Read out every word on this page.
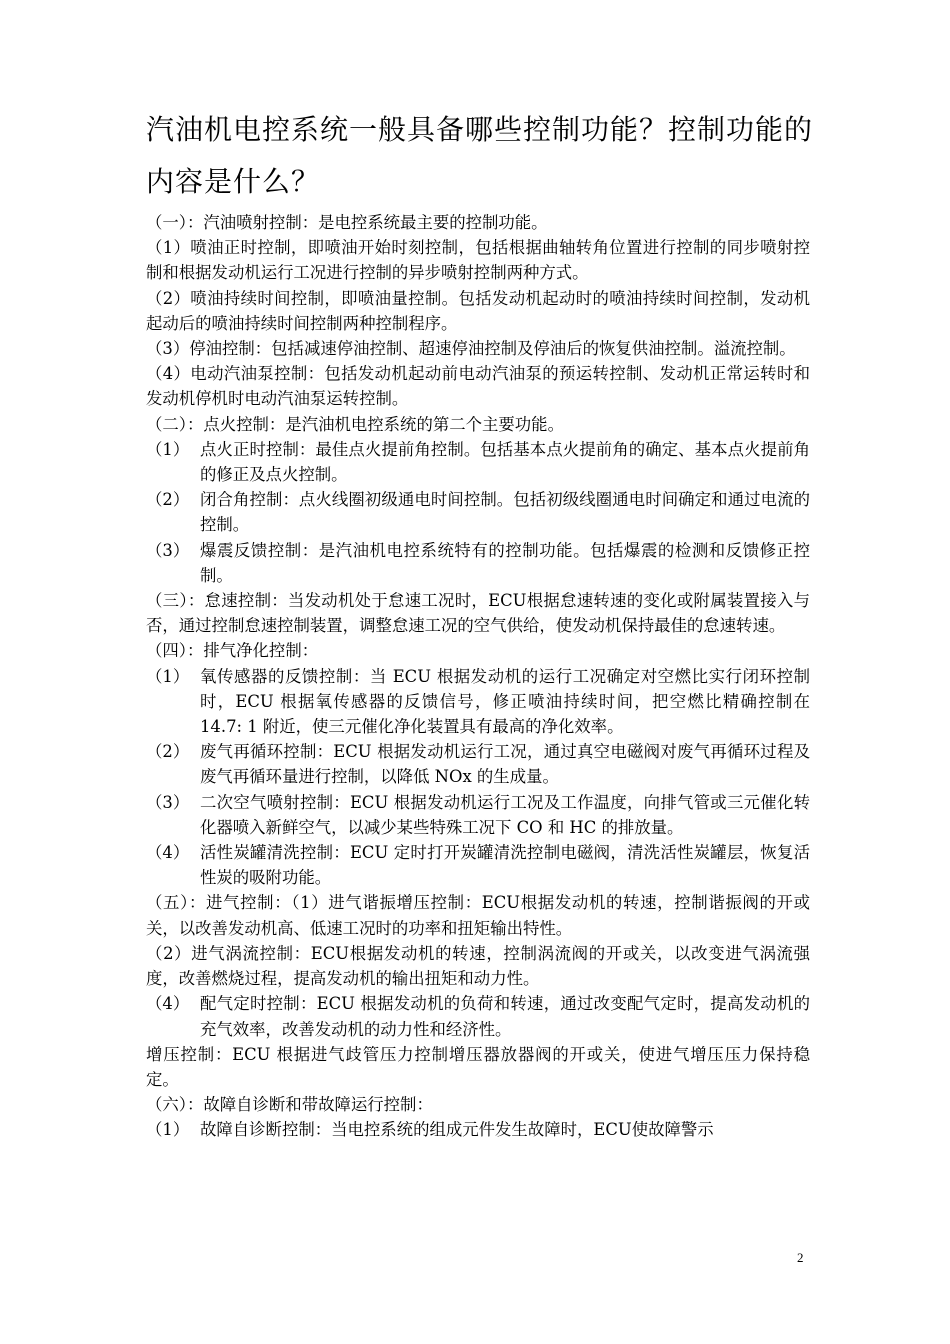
汽油机电控系统一般具备哪些控制功能？控制功能的内容是什么？

（一）：汽油喷射控制：是电控系统最主要的控制功能。

（1）喷油正时控制，即喷油开始时刻控制，包括根据曲轴转角位置进行控制的同步喷射控制和根据发动机运行工况进行控制的异步喷射控制两种方式。

（2）喷油持续时间控制，即喷油量控制。包括发动机起动时的喷油持续时间控制，发动机起动后的喷油持续时间控制两种控制程序。

（3）停油控制：包括减速停油控制、超速停油控制及停油后的恢复供油控制。溢流控制。

（4）电动汽油泵控制：包括发动机起动前电动汽油泵的预运转控制、发动机正常运转时和发动机停机时电动汽油泵运转控制。

（二）：点火控制：是汽油机电控系统的第二个主要功能。

（1） 点火正时控制：最佳点火提前角控制。包括基本点火提前角的确定、基本点火提前角的修正及点火控制。
（2） 闭合角控制：点火线圈初级通电时间控制。包括初级线圈通电时间确定和通过电流的控制。
（3） 爆震反馈控制：是汽油机电控系统特有的控制功能。包括爆震的检测和反馈修正控制。

（三）：怠速控制：当发动机处于怠速工况时，ECU根据怠速转速的变化或附属装置接入与否，通过控制怠速控制装置，调整怠速工况的空气供给，使发动机保持最佳的怠速转速。

（四）：排气净化控制：

（1） 氧传感器的反馈控制：当 ECU 根据发动机的运行工况确定对空燃比实行闭环控制时，ECU 根据氧传感器的反馈信号，修正喷油持续时间，把空燃比精确控制在 14.7: 1 附近，使三元催化净化装置具有最高的净化效率。
（2） 废气再循环控制：ECU 根据发动机运行工况，通过真空电磁阀对废气再循环过程及废气再循环量进行控制，以降低 NOx 的生成量。
（3） 二次空气喷射控制：ECU 根据发动机运行工况及工作温度，向排气管或三元催化转化器喷入新鲜空气，以减少某些特殊工况下 CO 和 HC 的排放量。
（4） 活性炭罐清洗控制：ECU 定时打开炭罐清洗控制电磁阀，清洗活性炭罐层，恢复活性炭的吸附功能。

（五）：进气控制：（1）进气谐振增压控制：ECU根据发动机的转速，控制谐振阀的开或关，以改善发动机高、低速工况时的功率和扭矩输出特性。

（2）进气涡流控制：ECU根据发动机的转速，控制涡流阀的开或关，以改变进气涡流强度，改善燃烧过程，提高发动机的输出扭矩和动力性。

（4） 配气定时控制：ECU 根据发动机的负荷和转速，通过改变配气定时，提高发动机的充气效率，改善发动机的动力性和经济性。

增压控制：ECU 根据进气歧管压力控制增压器放器阀的开或关，使进气增压压力保持稳定。

（六）：故障自诊断和带故障运行控制：

（1） 故障自诊断控制：当电控系统的组成元件发生故障时，ECU使故障警示
2
